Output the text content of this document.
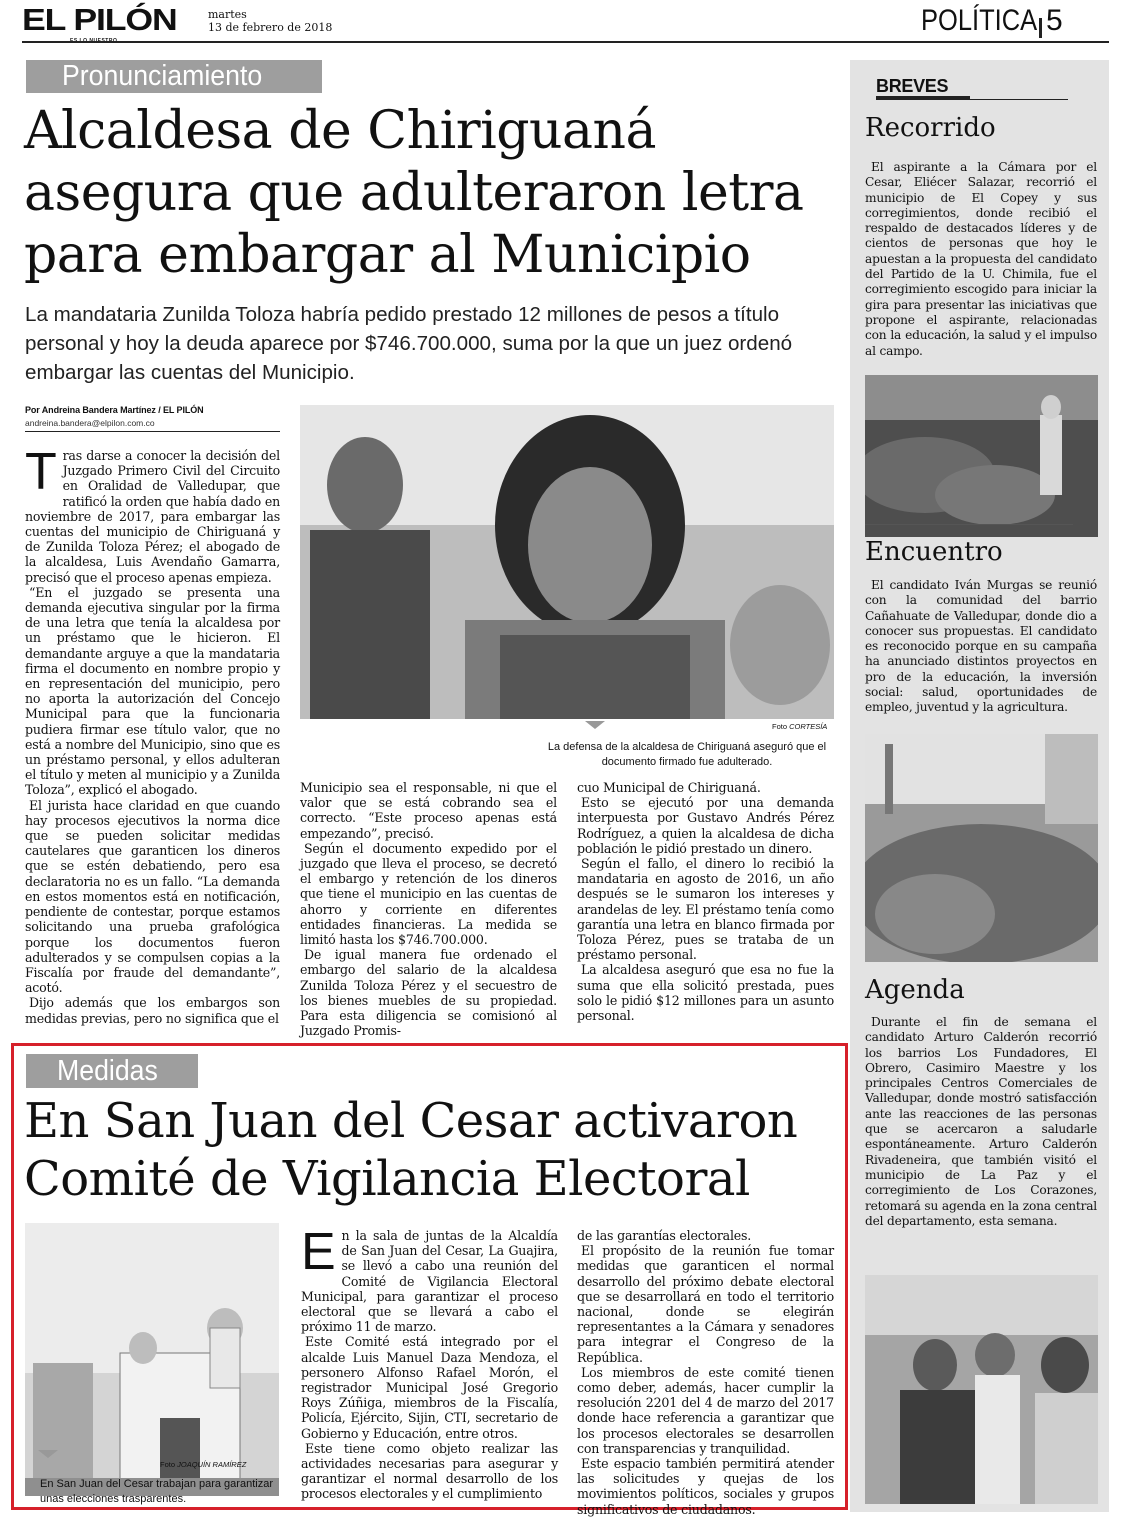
EL PILÓN	martes
13 de febrero de 2018	POLÍTICA 5
Pronunciamiento
Alcaldesa de Chiriguaná asegura que adulteraron letra para embargar al Municipio
La mandataria Zunilda Toloza habría pedido prestado 12 millones de pesos a título personal y hoy la deuda aparece por $746.700.000, suma por la que un juez ordenó embargar las cuentas del Municipio.
Por Andreina Bandera Martínez / EL PILÓN
andreina.bandera@elpilon.com.co
Foto CORTESÍA
La defensa de la alcaldesa de Chiriguaná aseguró que el documento firmado fue adulterado.

Tras darse a conocer la decisión del Juzgado Primero Civil del Circuito en Oralidad de Valledupar, que ratificó la orden que había dado en noviembre de 2017, para embargar las cuentas del municipio de Chiriguaná y de Zunilda Toloza Pérez; el abogado de la alcaldesa, Luis Avendaño Gamarra, precisó que el proceso apenas empieza.

“En el juzgado se presenta una demanda ejecutiva singular por la firma de una letra que tenía la alcaldesa por un préstamo que le hicieron. El demandante arguye a que la mandataria firma el documento en nombre propio y en representación del municipio, pero no aporta la autorización del Concejo Municipal para que la funcionaria pudiera firmar ese título valor, que no está a nombre del Municipio, sino que es un préstamo personal, y ellos adulteran el título y meten al municipio y a Zunilda Toloza”, explicó el abogado.

El jurista hace claridad en que cuando hay procesos ejecutivos la norma dice que se pueden solicitar medidas cautelares que garanticen los dineros que se estén debatiendo, pero esa declaratoria no es un fallo. “La demanda en estos momentos está en notificación, pendiente de contestar, porque estamos solicitando una prueba grafológica porque los documentos fueron adulterados y se compulsen copias a la Fiscalía por fraude del demandante”, acotó.

Dijo además que los embargos son medidas previas, pero no significa que el

Municipio sea el responsable, ni que el valor que se está cobrando sea el correcto. “Este proceso apenas está empezando”, precisó.

Según el documento expedido por el juzgado que lleva el proceso, se decretó el embargo y retención de los dineros que tiene el municipio en las cuentas de ahorro y corriente en diferentes entidades financieras. La medida se limitó hasta los $746.700.000.

De igual manera fue ordenado el embargo del salario de la alcaldesa Zunilda Toloza Pérez y el secuestro de los bienes muebles de su propiedad. Para esta diligencia se comisionó al Juzgado Promis-

cuo Municipal de Chiriguaná.

Esto se ejecutó por una demanda interpuesta por Gustavo Andrés Pérez Rodríguez, a quien la alcaldesa de dicha población le pidió prestado un dinero.

Según el fallo, el dinero lo recibió la mandataria en agosto de 2016, un año después se le sumaron los intereses y arandelas de ley. El préstamo tenía como garantía una letra en blanco firmada por Toloza Pérez, pues se trataba de un préstamo personal.

La alcaldesa aseguró que esa no fue la suma que ella solicitó prestada, pues solo le pidió $12 millones para un asunto personal.

Medidas
En San Juan del Cesar activaron Comité de Vigilancia Electoral
Foto JOAQUÍN RAMÍREZ
En San Juan del Cesar trabajan para garantizar unas elecciones trasparentes.

En la sala de juntas de la Alcaldía de San Juan del Cesar, La Guajira, se llevó a cabo una reunión del Comité de Vigilancia Electoral Municipal, para garantizar el proceso electoral que se llevará a cabo el próximo 11 de marzo.

Este Comité está integrado por el alcalde Luis Manuel Daza Mendoza, el personero Alfonso Rafael Morón, el registrador Municipal José Gregorio Roys Zúñiga, miembros de la Fiscalía, Policía, Ejército, Sijin, CTI, secretario de Gobierno y Educación, entre otros.

Este tiene como objeto realizar las actividades necesarias para asegurar y garantizar el normal desarrollo de los procesos electorales y el cumplimiento

de las garantías electorales.

El propósito de la reunión fue tomar medidas que garanticen el normal desarrollo del próximo debate electoral que se desarrollará en todo el territorio nacional, donde se elegirán representantes a la Cámara y senadores para integrar el Congreso de la República.

Los miembros de este comité tienen como deber, además, hacer cumplir la resolución 2201 del 4 de marzo del 2017 donde hace referencia a garantizar que los procesos electorales se desarrollen con transparencias y tranquilidad.

Este espacio también permitirá atender las solicitudes y quejas de los movimientos políticos, sociales y grupos significativos de ciudadanos.

BREVES
Recorrido
El aspirante a la Cámara por el Cesar, Eliécer Salazar, recorrió el municipio de El Copey y sus corregimientos, donde recibió el respaldo de destacados líderes y de cientos de personas que hoy le apuestan a la propuesta del candidato del Partido de la U. Chimila, fue el corregimiento escogido para iniciar la gira para presentar las iniciativas que propone el aspirante, relacionadas con la educación, la salud y el impulso al campo.
Encuentro
El candidato Iván Murgas se reunió con la comunidad del barrio Cañahuate de Valledupar, donde dio a conocer sus propuestas. El candidato es reconocido porque en su campaña ha anunciado distintos proyectos en pro de la educación, la inversión social: salud, oportunidades de empleo, juventud y la agricultura.
Agenda
Durante el fin de semana el candidato Arturo Calderón recorrió los barrios Los Fundadores, El Obrero, Casimiro Maestre y los principales Centros Comerciales de Valledupar, donde mostró satisfacción ante las reacciones de las personas que se acercaron a saludarle espontáneamente. Arturo Calderón Rivadeneira, que también visitó el municipio de La Paz y el corregimiento de Los Corazones, retomará su agenda en la zona central del departamento, esta semana.
